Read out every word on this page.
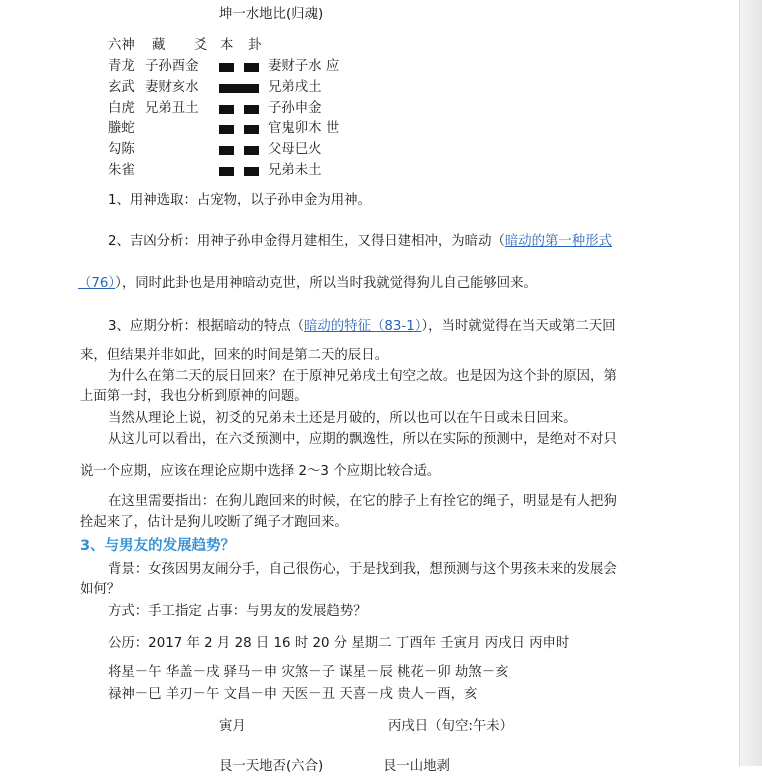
坤一水地比(归魂)
六神 藏 爻 本 卦
青龙 子孙酉金	妻财子水 应
玄武 妻财亥水	兄弟戌土
白虎 兄弟丑土	子孙申金
螣蛇	官鬼卯木 世
勾陈	父母巳火
朱雀	兄弟未土
1、用神选取：占宠物，以子孙申金为用神。
2、吉凶分析：用神子孙申金得月建相生，又得日建相冲，为暗动（暗动的第一种形式
（76）），同时此卦也是用神暗动克世，所以当时我就觉得狗儿自己能够回来。
3、应期分析：根据暗动的特点（暗动的特征（83-1）），当时就觉得在当天或第二天回
来，但结果并非如此，回来的时间是第二天的辰日。
为什么在第二天的辰日回来？在于原神兄弟戌土旬空之故。也是因为这个卦的原因，第
上面第一封，我也分析到原神的问题。
当然从理论上说，初爻的兄弟未土还是月破的，所以也可以在午日或未日回来。
从这儿可以看出，在六爻预测中，应期的飘逸性，所以在实际的预测中，是绝对不对只
说一个应期，应该在理论应期中选择 2～3 个应期比较合适。
在这里需要指出：在狗儿跑回来的时候，在它的脖子上有拴它的绳子，明显是有人把狗
拴起来了，估计是狗儿咬断了绳子才跑回来。
3、与男友的发展趋势？
背景：女孩因男友闹分手，自己很伤心，于是找到我，想预测与这个男孩未来的发展会
如何？
方式：手工指定 占事：与男友的发展趋势？
公历：2017 年 2 月 28 日 16 时 20 分 星期二 丁酉年 壬寅月 丙戌日 丙申时
将星－午 华盖－戌 驿马－申 灾煞－子 谋星－辰 桃花－卯 劫煞－亥
禄神－巳 羊刃－午 文昌－申 天医－丑 天喜－戌 贵人－酉，亥
寅月	丙戌日（旬空:午未）
艮一天地否(六合)	艮一山地剥
